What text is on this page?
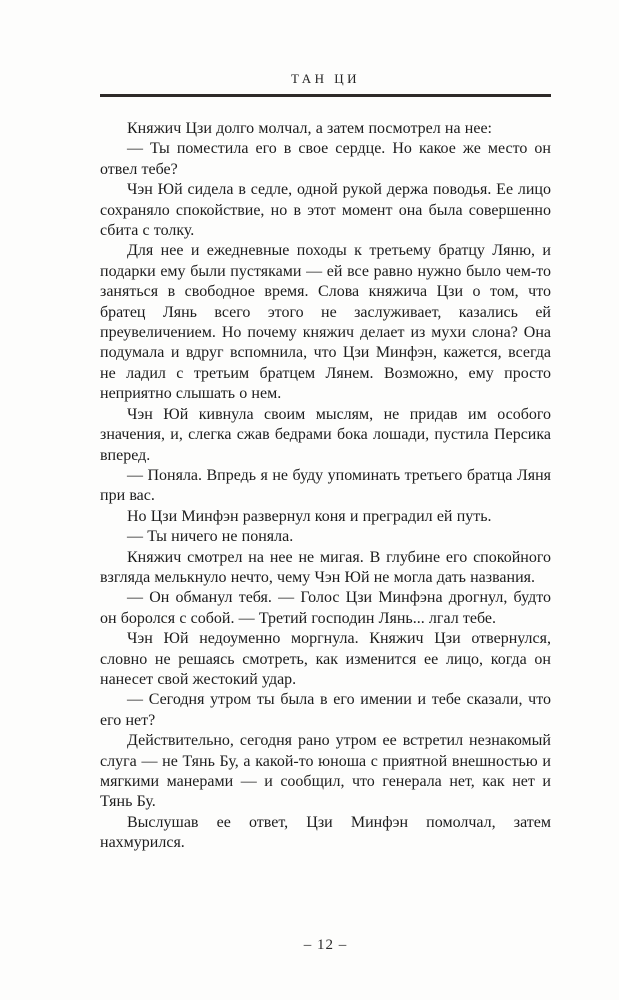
ТАН ЦИ

Княжич Цзи долго молчал, а затем посмотрел на нее:

— Ты поместила его в свое сердце. Но какое же место он отвел тебе?

Чэн Юй сидела в седле, одной рукой держа поводья. Ее лицо сохраняло спокойствие, но в этот момент она была совершенно сбита с толку.

Для нее и ежедневные походы к третьему братцу Ляню, и подарки ему были пустяками — ей все равно нужно было чем-то заняться в свободное время. Слова княжича Цзи о том, что братец Лянь всего этого не заслуживает, казались ей преувеличением. Но почему княжич делает из мухи слона? Она подумала и вдруг вспомнила, что Цзи Минфэн, кажется, всегда не ладил с третьим братцем Лянем. Возможно, ему просто неприятно слышать о нем.

Чэн Юй кивнула своим мыслям, не придав им особого значения, и, слегка сжав бедрами бока лошади, пустила Персика вперед.

— Поняла. Впредь я не буду упоминать третьего братца Ляня при вас.

Но Цзи Минфэн развернул коня и преградил ей путь.

— Ты ничего не поняла.

Княжич смотрел на нее не мигая. В глубине его спокойного взгляда мелькнуло нечто, чему Чэн Юй не могла дать названия.

— Он обманул тебя. — Голос Цзи Минфэна дрогнул, будто он боролся с собой. — Третий господин Лянь... лгал тебе.

Чэн Юй недоуменно моргнула. Княжич Цзи отвернулся, словно не решаясь смотреть, как изменится ее лицо, когда он нанесет свой жестокий удар.

— Сегодня утром ты была в его имении и тебе сказали, что его нет?

Действительно, сегодня рано утром ее встретил незнакомый слуга — не Тянь Бу, а какой-то юноша с приятной внешностью и мягкими манерами — и сообщил, что генерала нет, как нет и Тянь Бу.

Выслушав ее ответ, Цзи Минфэн помолчал, затем нахмурился.

– 12 –
